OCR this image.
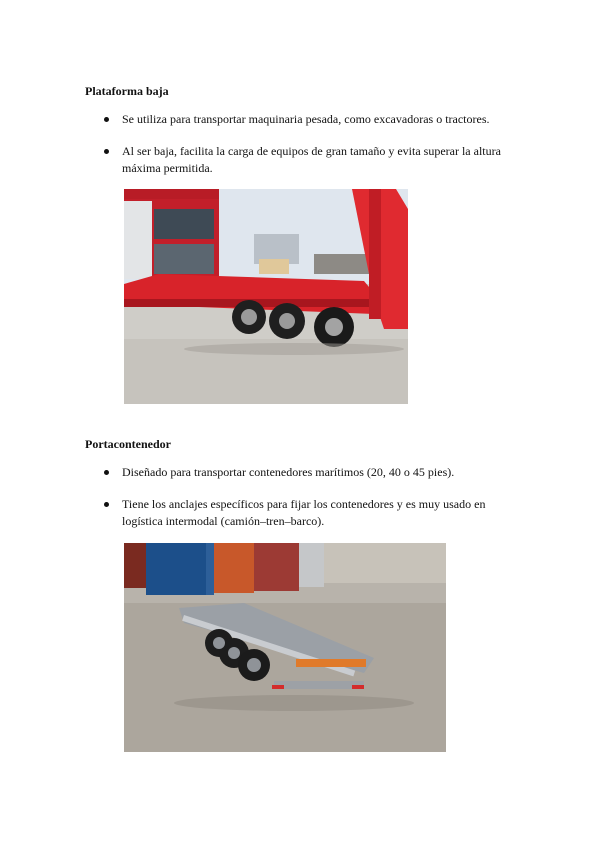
Plataforma baja
Se utiliza para transportar maquinaria pesada, como excavadoras o tractores.
Al ser baja, facilita la carga de equipos de gran tamaño y evita superar la altura máxima permitida.
Portacontenedor
Diseñado para transportar contenedores marítimos (20, 40 o 45 pies).
Tiene los anclajes específicos para fijar los contenedores y es muy usado en logística intermodal (camión–tren–barco).
